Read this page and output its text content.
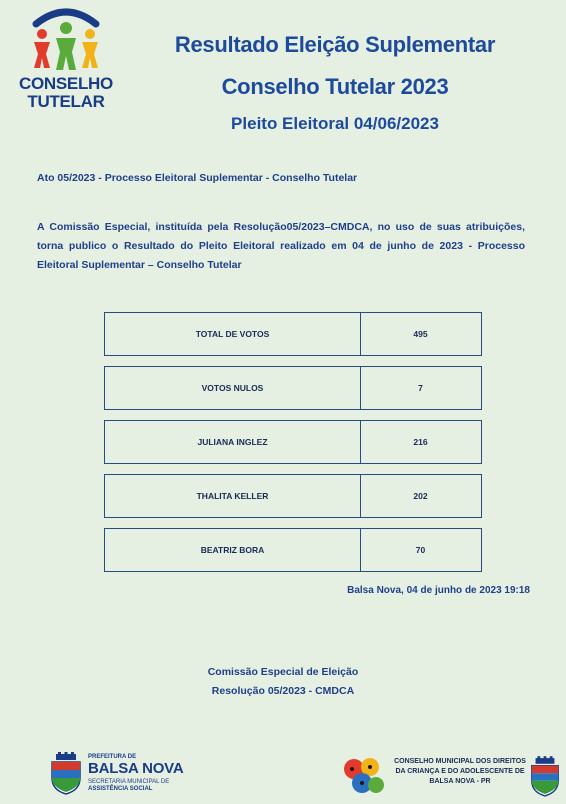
CONSELHO
TUTELAR
Resultado Eleição Suplementar
Conselho Tutelar 2023
Pleito Eleitoral 04/06/2023
Ato 05/2023 - Processo Eleitoral Suplementar - Conselho Tutelar
A Comissão Especial, instituída pela Resolução05/2023–CMDCA, no uso de suas atribuições, torna publico o Resultado do Pleito Eleitoral realizado em 04 de junho de 2023 - Processo Eleitoral Suplementar – Conselho Tutelar
TOTAL DE VOTOS	495
VOTOS NULOS	7
JULIANA INGLEZ	216
THALITA KELLER	202
BEATRIZ BORA	70
Balsa Nova, 04 de junho de 2023 19:18
Comissão Especial de Eleição
Resolução 05/2023 - CMDCA
PREFEITURA DE
BALSA NOVA
SECRETARIA MUNICIPAL DE
ASSISTÊNCIA SOCIAL
CONSELHO MUNICIPAL DOS DIREITOS
DA CRIANÇA E DO ADOLESCENTE DE
BALSA NOVA - PR
